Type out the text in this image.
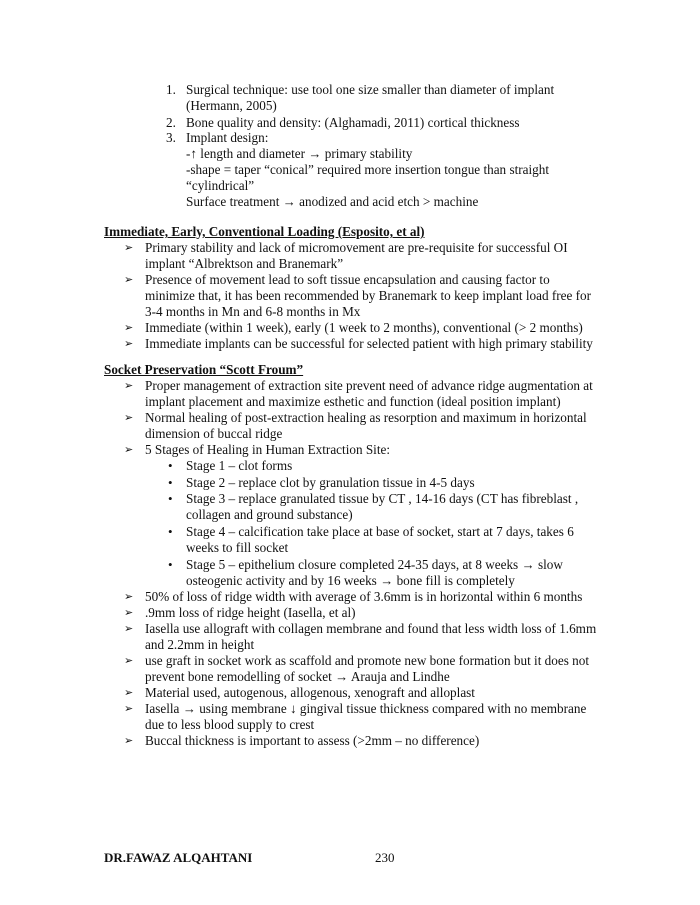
1. Surgical technique: use tool one size smaller than diameter of implant
(Hermann, 2005)
2. Bone quality and density: (Alghamadi, 2011) cortical thickness
3. Implant design:
-↑ length and diameter → primary stability
-shape = taper “conical” required more insertion tongue than straight
“cylindrical”
Surface treatment → anodized and acid etch > machine
Immediate, Early, Conventional Loading (Esposito, et al)
➢ Primary stability and lack of micromovement are pre-requisite for successful OI
implant “Albrektson and Branemark”
➢ Presence of movement lead to soft tissue encapsulation and causing factor to
minimize that, it has been recommended by Branemark to keep implant load free for
3-4 months in Mn and 6-8 months in Mx
➢ Immediate (within 1 week), early (1 week to 2 months), conventional (> 2 months)
➢ Immediate implants can be successful for selected patient with high primary stability
Socket Preservation “Scott Froum”
➢ Proper management of extraction site prevent need of advance ridge augmentation at
implant placement and maximize esthetic and function (ideal position implant)
➢ Normal healing of post-extraction healing as resorption and maximum in horizontal
dimension of buccal ridge
➢ 5 Stages of Healing in Human Extraction Site:
• Stage 1 – clot forms
• Stage 2 – replace clot by granulation tissue in 4-5 days
• Stage 3 – replace granulated tissue by CT , 14-16 days (CT has fibreblast ,
collagen and ground substance)
• Stage 4 – calcification take place at base of socket, start at 7 days, takes 6
weeks to fill socket
• Stage 5 – epithelium closure completed 24-35 days, at 8 weeks → slow
osteogenic activity and by 16 weeks → bone fill is completely
➢ 50% of loss of ridge width with average of 3.6mm is in horizontal within 6 months
➢ .9mm loss of ridge height (Iasella, et al)
➢ Iasella use allograft with collagen membrane and found that less width loss of 1.6mm
and 2.2mm in height
➢ use graft in socket work as scaffold and promote new bone formation but it does not
prevent bone remodelling of socket → Arauja and Lindhe
➢ Material used, autogenous, allogenous, xenograft and alloplast
➢ Iasella → using membrane ↓ gingival tissue thickness compared with no membrane
due to less blood supply to crest
➢ Buccal thickness is important to assess (>2mm – no difference)
DR.FAWAZ ALQAHTANI	230
